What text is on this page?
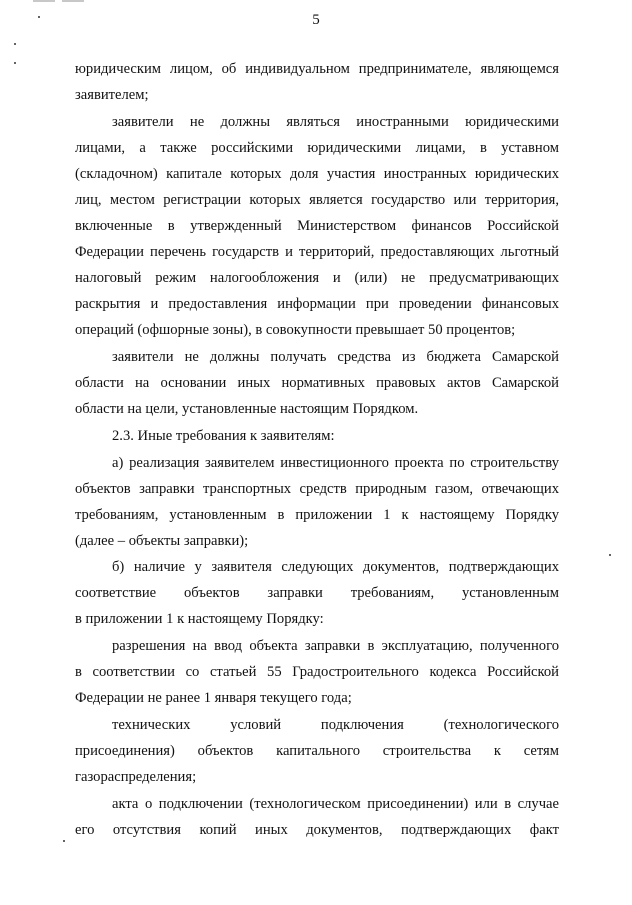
5
юридическим лицом, об индивидуальном предпринимателе, являющемся
заявителем;
заявители не должны являться иностранными юридическими
лицами, а также российскими юридическими лицами, в уставном
(складочном) капитале которых доля участия иностранных юридических
лиц, местом регистрации которых является государство или территория,
включенные в утвержденный Министерством финансов Российской
Федерации перечень государств и территорий, предоставляющих льготный
налоговый режим налогообложения и (или) не предусматривающих
раскрытия и предоставления информации при проведении финансовых
операций (офшорные зоны), в совокупности превышает 50 процентов;
заявители не должны получать средства из бюджета Самарской
области на основании иных нормативных правовых актов Самарской
области на цели, установленные настоящим Порядком.
2.3. Иные требования к заявителям:
а) реализация заявителем инвестиционного проекта по строительству
объектов заправки транспортных средств природным газом, отвечающих
требованиям, установленным в приложении 1 к настоящему Порядку
(далее – объекты заправки);
б) наличие у заявителя следующих документов, подтверждающих
соответствие объектов заправки требованиям, установленным
в приложении 1 к настоящему Порядку:
разрешения на ввод объекта заправки в эксплуатацию, полученного
в соответствии со статьей 55 Градостроительного кодекса Российской
Федерации не ранее 1 января текущего года;
технических условий подключения (технологического
присоединения) объектов капитального строительства к сетям
газораспределения;
акта о подключении (технологическом присоединении) или в случае
его отсутствия копий иных документов, подтверждающих факт
